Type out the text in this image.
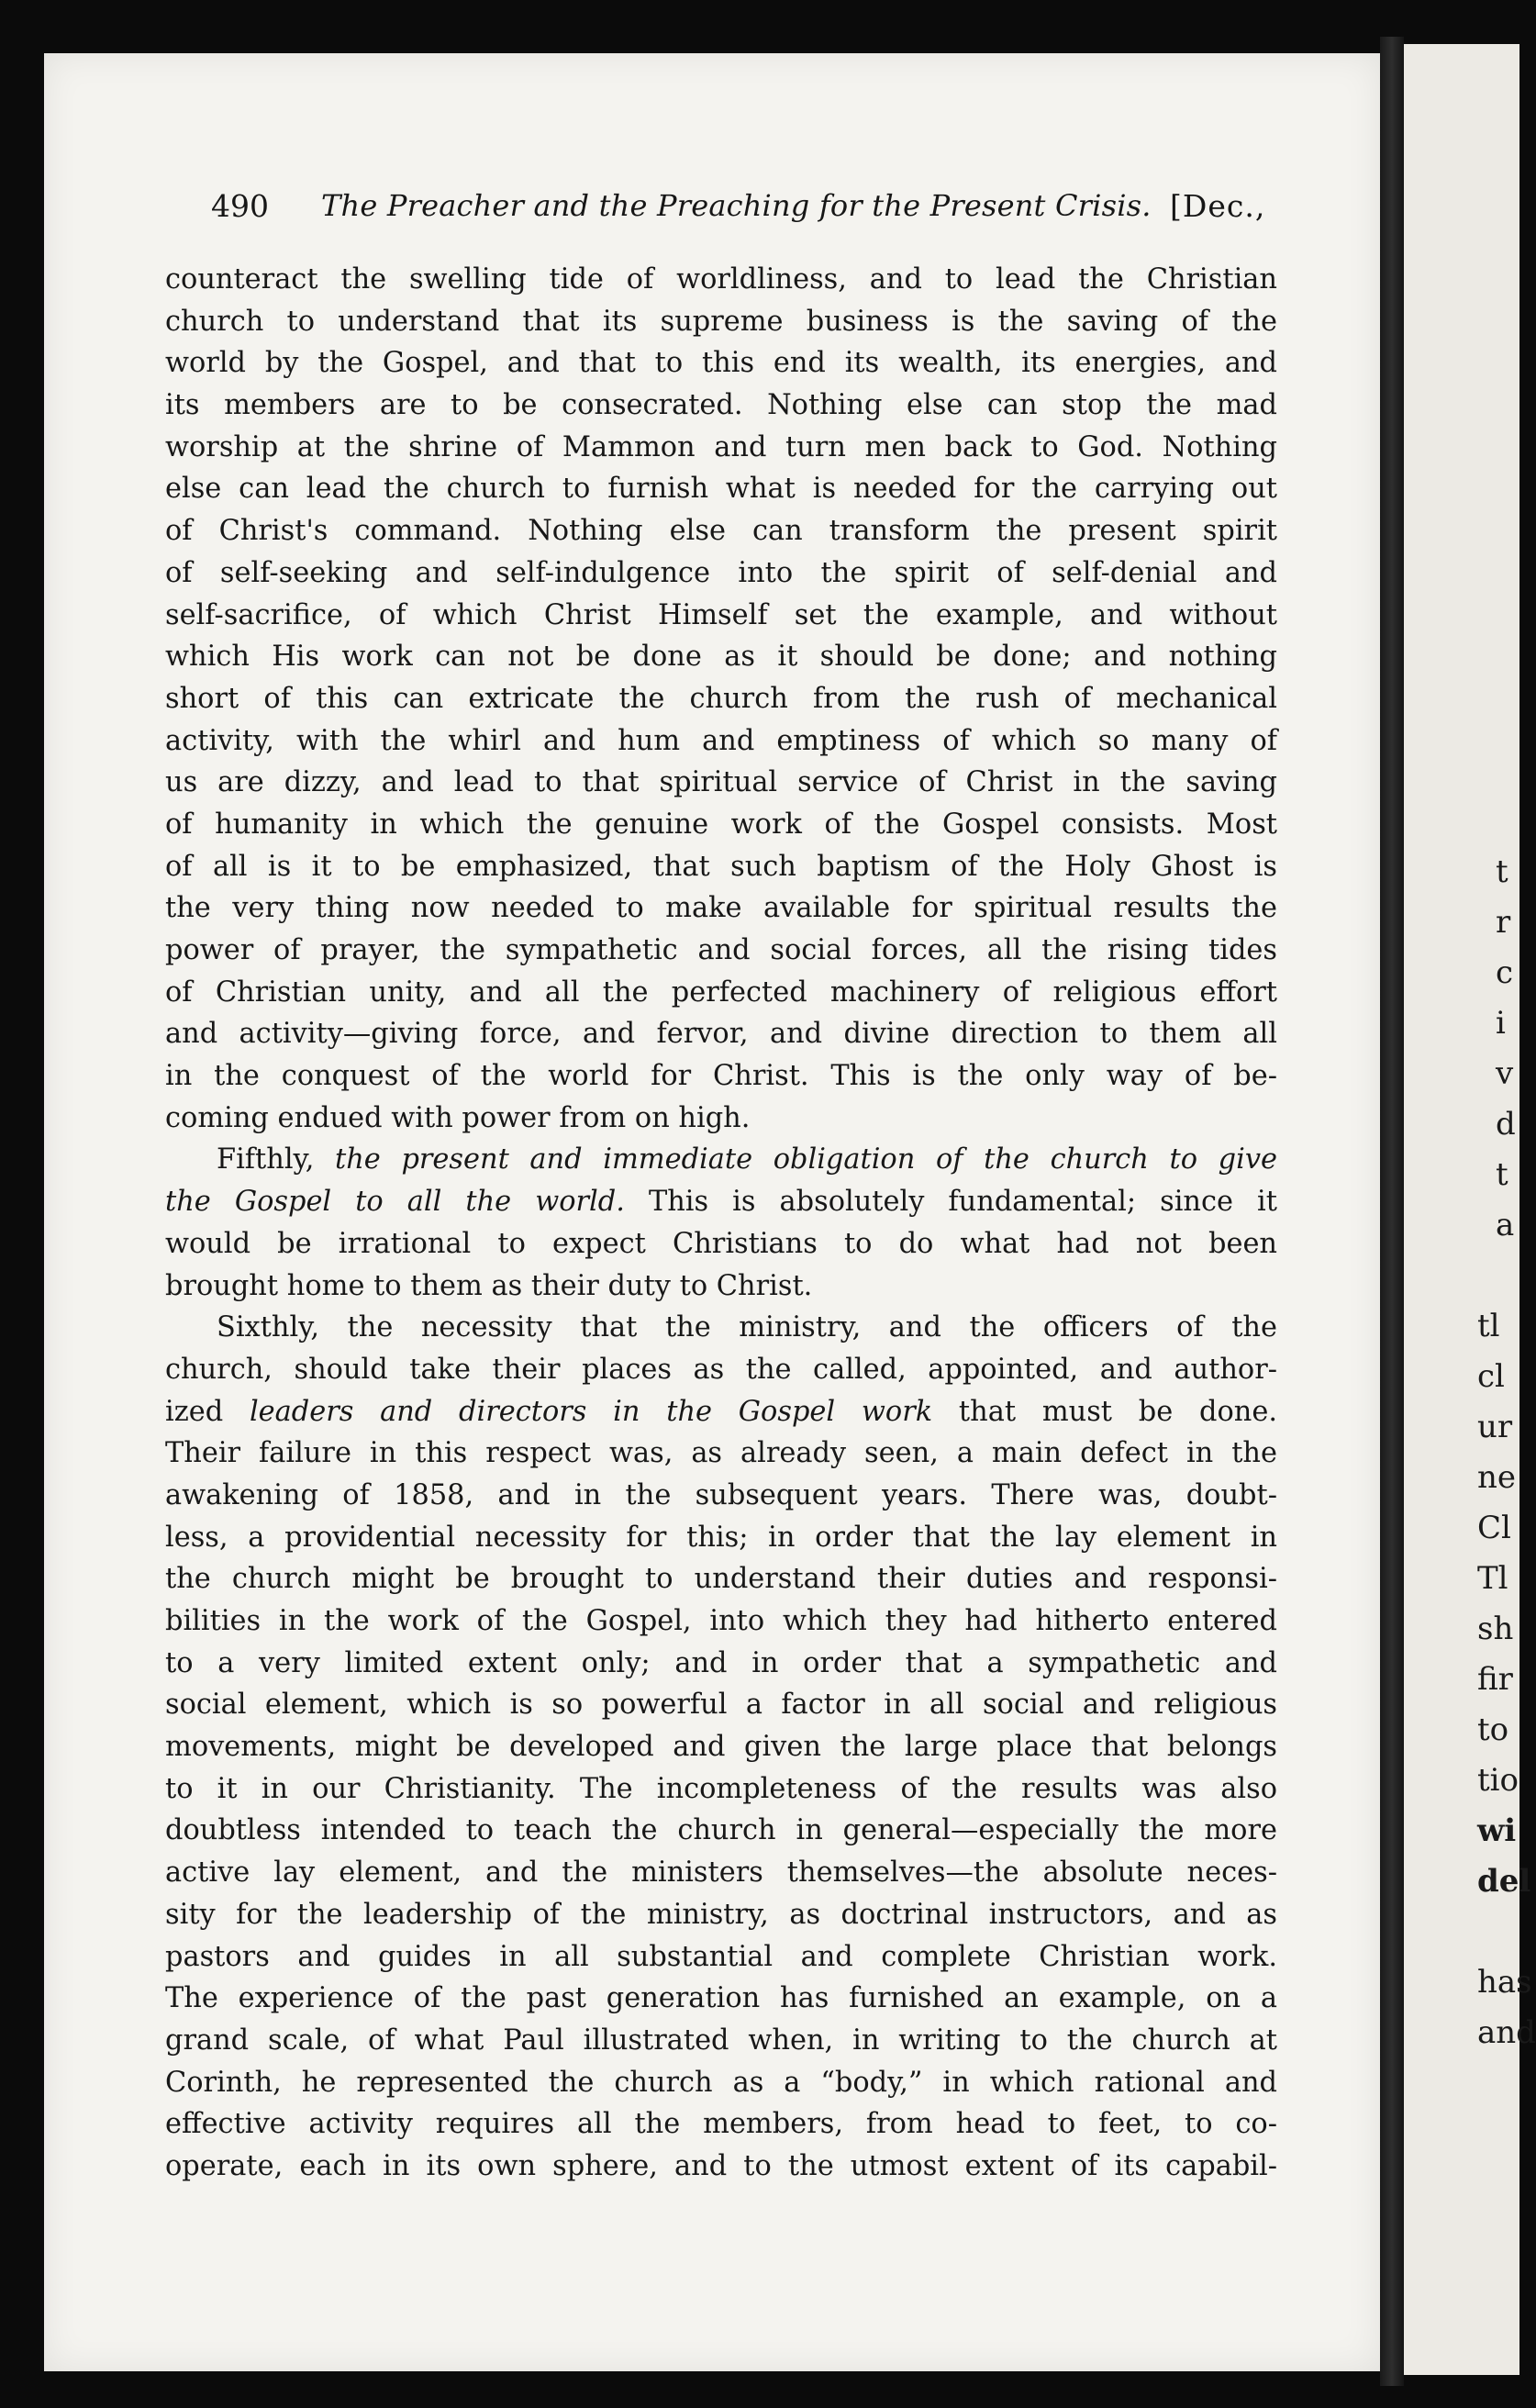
t
r
c
i
v
d
t
a
tl
cl
ur
ne
Cl
Tl
sh
fir
to
tio
wi
del
has
and
490 The Preacher and the Preaching for the Present Crisis. [Dec.,
counteract the swelling tide of worldliness, and to lead the Christian
church to understand that its supreme business is the saving of the
world by the Gospel, and that to this end its wealth, its energies, and
its members are to be consecrated. Nothing else can stop the mad
worship at the shrine of Mammon and turn men back to God. Nothing
else can lead the church to furnish what is needed for the carrying out
of Christ's command. Nothing else can transform the present spirit
of self-seeking and self-indulgence into the spirit of self-denial and
self-sacrifice, of which Christ Himself set the example, and without
which His work can not be done as it should be done; and nothing
short of this can extricate the church from the rush of mechanical
activity, with the whirl and hum and emptiness of which so many of
us are dizzy, and lead to that spiritual service of Christ in the saving
of humanity in which the genuine work of the Gospel consists. Most
of all is it to be emphasized, that such baptism of the Holy Ghost is
the very thing now needed to make available for spiritual results the
power of prayer, the sympathetic and social forces, all the rising tides
of Christian unity, and all the perfected machinery of religious effort
and activity—giving force, and fervor, and divine direction to them all
in the conquest of the world for Christ. This is the only way of be-
coming endued with power from on high.
Fifthly, the present and immediate obligation of the church to give
the Gospel to all the world. This is absolutely fundamental; since it
would be irrational to expect Christians to do what had not been
brought home to them as their duty to Christ.
Sixthly, the necessity that the ministry, and the officers of the
church, should take their places as the called, appointed, and author-
ized leaders and directors in the Gospel work that must be done.
Their failure in this respect was, as already seen, a main defect in the
awakening of 1858, and in the subsequent years. There was, doubt-
less, a providential necessity for this; in order that the lay element in
the church might be brought to understand their duties and responsi-
bilities in the work of the Gospel, into which they had hitherto entered
to a very limited extent only; and in order that a sympathetic and
social element, which is so powerful a factor in all social and religious
movements, might be developed and given the large place that belongs
to it in our Christianity. The incompleteness of the results was also
doubtless intended to teach the church in general—especially the more
active lay element, and the ministers themselves—the absolute neces-
sity for the leadership of the ministry, as doctrinal instructors, and as
pastors and guides in all substantial and complete Christian work.
The experience of the past generation has furnished an example, on a
grand scale, of what Paul illustrated when, in writing to the church at
Corinth, he represented the church as a “body,” in which rational and
effective activity requires all the members, from head to feet, to co-
operate, each in its own sphere, and to the utmost extent of its capabil-
